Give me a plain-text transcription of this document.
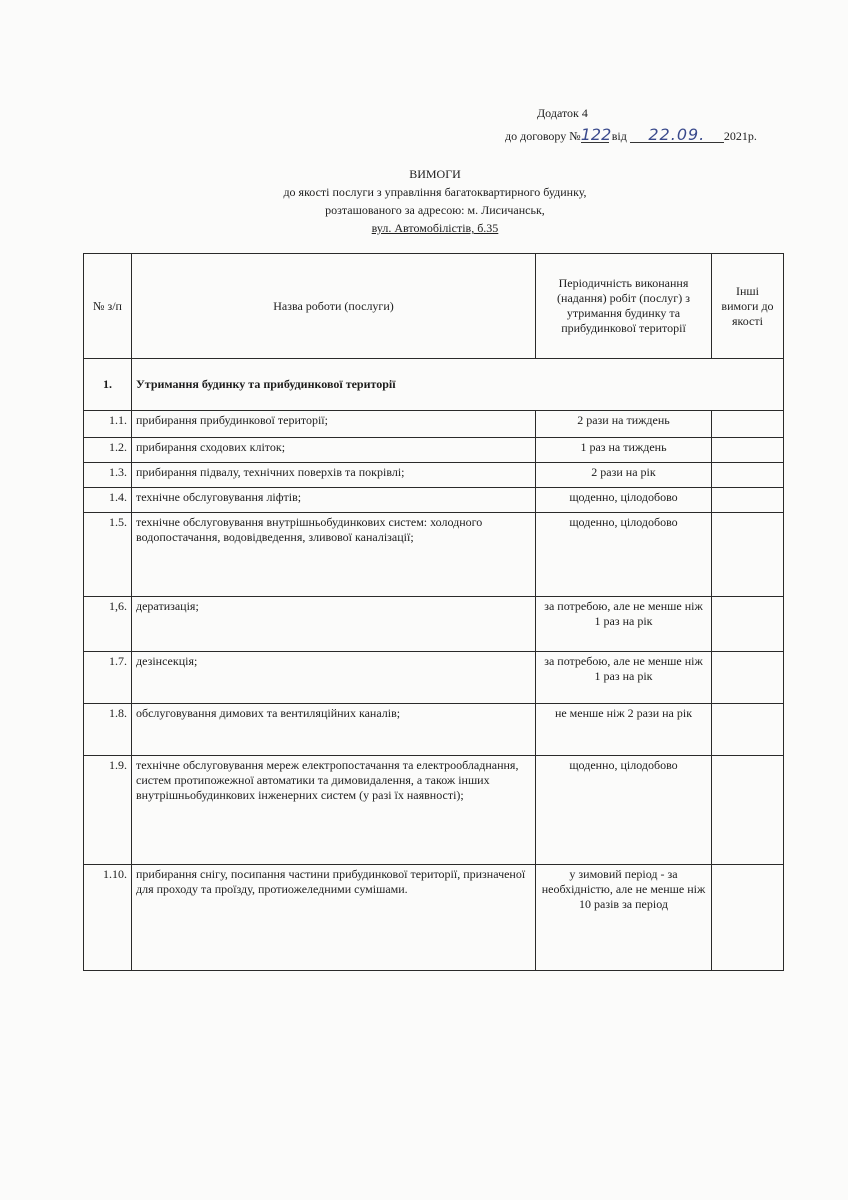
Додаток 4
до договору №122 від 22.09. 2021р.
ВИМОГИ
до якості послуги з управління багатоквартирного будинку,
розташованого за адресою: м. Лисичанськ,
вул. Автомобілістів, б.35
№ з/п	Назва роботи (послуги)	Періодичність виконання (надання) робіт (послуг) з утримання будинку та прибудинкової території	Інші вимоги до якості
1.	Утримання будинку та прибудинкової території		
1.1.	прибирання прибудинкової території;	2 рази на тиждень	
1.2.	прибирання сходових кліток;	1 раз на тиждень	
1.3.	прибирання підвалу, технічних поверхів та покрівлі;	2 рази на рік	
1.4.	технічне обслуговування ліфтів;	щоденно, цілодобово	
1.5.	технічне обслуговування внутрішньобудинкових систем: холодного водопостачання, водовідведення, зливової каналізації;	щоденно, цілодобово	
1,6.	дератизація;	за потребою, але не менше ніж 1 раз на рік	
1.7.	дезінсекція;	за потребою, але не менше ніж 1 раз на рік	
1.8.	обслуговування димових та вентиляційних каналів;	не менше ніж 2 рази на рік	
1.9.	технічне обслуговування мереж електропостачання та електрообладнання, систем протипожежної автоматики та димовидалення, а також інших внутрішньобудинкових інженерних систем (у разі їх наявності);	щоденно, цілодобово	
1.10.	прибирання снігу, посипання частини прибудинкової території, призначеної для проходу та проїзду, протиожеледними сумішами.	у зимовий період - за необхідністю, але не менше ніж 10 разів за період	
